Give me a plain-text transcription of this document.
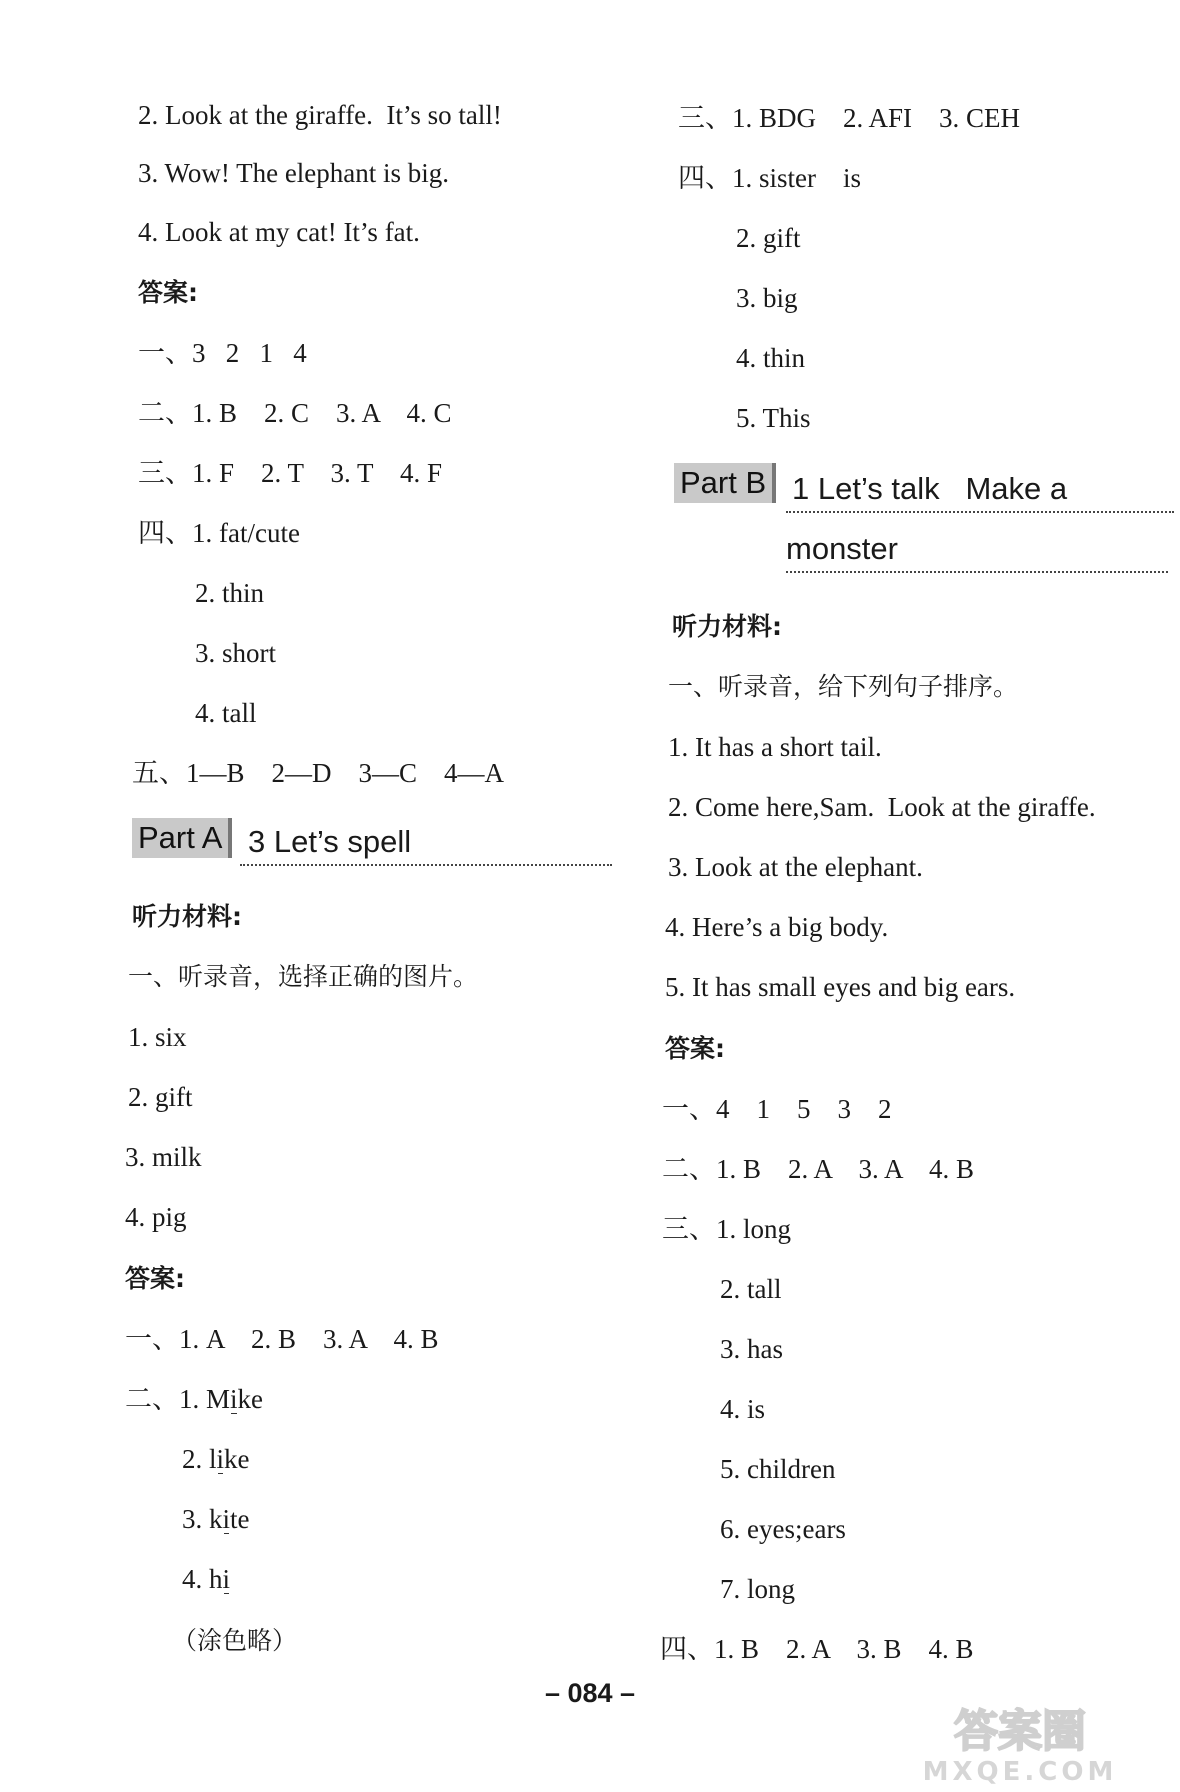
2. Look at the giraffe.  It’s so tall!
3. Wow! The elephant is big.
4. Look at my cat! It’s fat.
答案:
一、3   2   1   4
二、1. B    2. C    3. A    4. C
三、1. F    2. T    3. T    4. F
四、1. fat/cute
2. thin
3. short
4. tall
五、1—B    2—D    3—C    4—A
Part A 3 Let’s spell
听力材料:
一、听录音，选择正确的图片。
1. six
2. gift
3. milk
4. pig
答案:
一、1. A    2. B    3. A    4. B
二、1. Mike
2. like
3. kite
4. hi
（涂色略）
三、1. BDG    2. AFI    3. CEH
四、1. sister    is
2. gift
3. big
4. thin
5. This
Part B 1 Let’s talk   Make a
monster
听力材料:
一、听录音，给下列句子排序。
1. It has a short tail.
2. Come here,Sam.  Look at the giraffe.
3. Look at the elephant.
4. Here’s a big body.
5. It has small eyes and big ears.
答案:
一、4    1    5    3    2
二、1. B    2. A    3. A    4. B
三、1. long
2. tall
3. has
4. is
5. children
6. eyes;ears
7. long
四、1. B    2. A    3. B    4. B
– 084 –
答案圈
MXQE.COM
